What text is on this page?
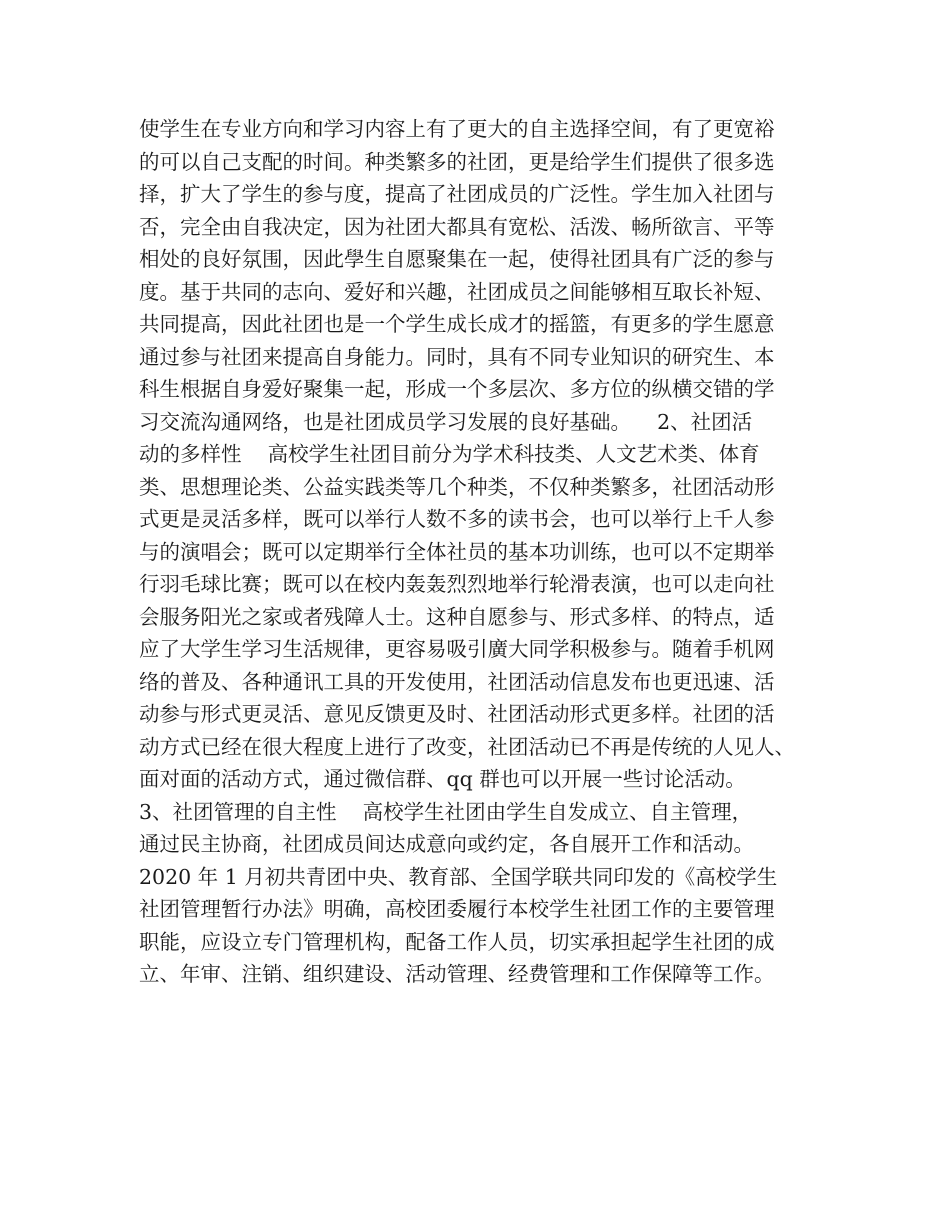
使学生在专业方向和学习内容上有了更大的自主选择空间，有了更宽裕
的可以自己支配的时间。种类繁多的社团，更是给学生们提供了很多选
择，扩大了学生的参与度，提高了社团成员的广泛性。学生加入社团与
否，完全由自我决定，因为社团大都具有宽松、活泼、畅所欲言、平等
相处的良好氛围，因此學生自愿聚集在一起，使得社团具有广泛的参与
度。基于共同的志向、爱好和兴趣，社团成员之间能够相互取长补短、
共同提高，因此社团也是一个学生成长成才的摇篮，有更多的学生愿意
通过参与社团来提高自身能力。同时，具有不同专业知识的研究生、本
科生根据自身爱好聚集一起，形成一个多层次、多方位的纵横交错的学
习交流沟通网络，也是社团成员学习发展的良好基础。    2、社团活
动的多样性    高校学生社团目前分为学术科技类、人文艺术类、体育
类、思想理论类、公益实践类等几个种类，不仅种类繁多，社团活动形
式更是灵活多样，既可以举行人数不多的读书会，也可以举行上千人参
与的演唱会；既可以定期举行全体社员的基本功训练，也可以不定期举
行羽毛球比赛；既可以在校内轰轰烈烈地举行轮滑表演，也可以走向社
会服务阳光之家或者残障人士。这种自愿参与、形式多样、的特点，适
应了大学生学习生活规律，更容易吸引廣大同学积极参与。随着手机网
络的普及、各种通讯工具的开发使用，社团活动信息发布也更迅速、活
动参与形式更灵活、意见反馈更及时、社团活动形式更多样。社团的活
动方式已经在很大程度上进行了改变，社团活动已不再是传统的人见人、
面对面的活动方式，通过微信群、qq 群也可以开展一些讨论活动。
3、社团管理的自主性    高校学生社团由学生自发成立、自主管理，
通过民主协商，社团成员间达成意向或约定，各自展开工作和活动。
2020 年 1 月初共青团中央、教育部、全国学联共同印发的《高校学生
社团管理暂行办法》明确，高校团委履行本校学生社团工作的主要管理
职能，应设立专门管理机构，配备工作人员，切实承担起学生社团的成
立、年审、注销、组织建设、活动管理、经费管理和工作保障等工作。
